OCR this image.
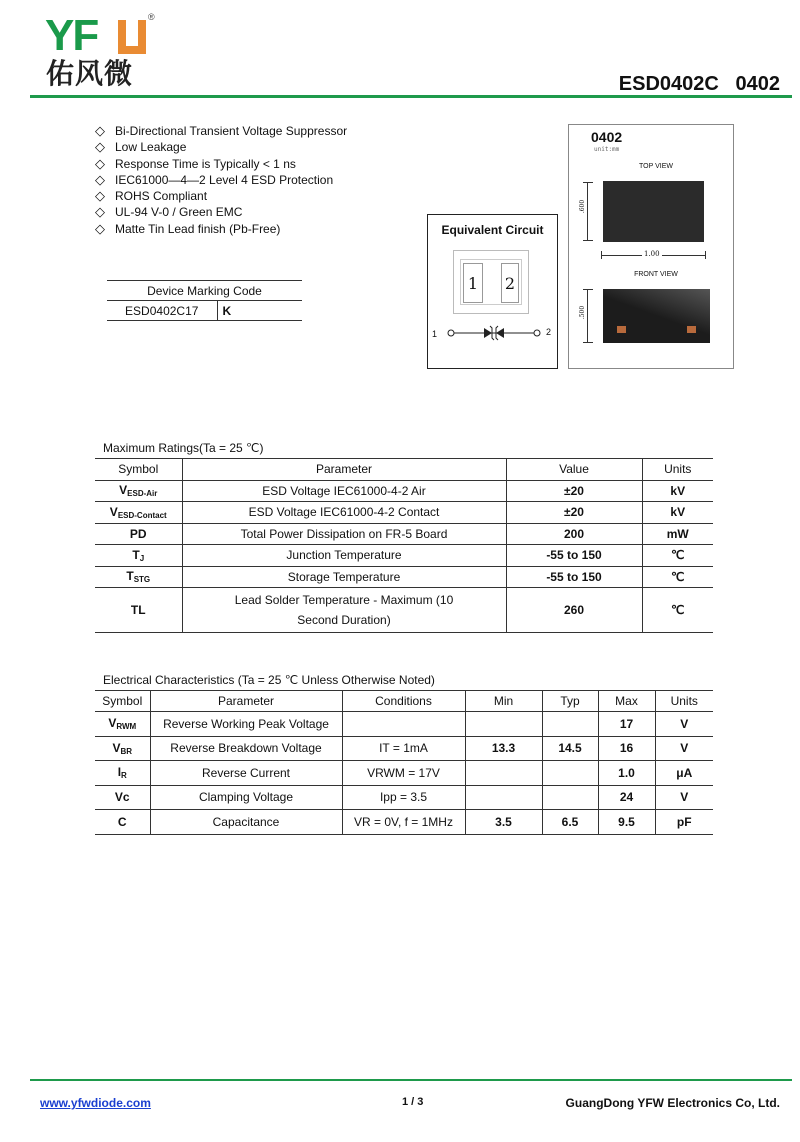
YF	®
佑风微	ESD0402C   0402
◇ Bi-Directional Transient Voltage Suppressor
◇ Low Leakage
◇ Response Time is Typically < 1 ns
◇ IEC61000—4—2 Level 4 ESD Protection
◇ ROHS Compliant
◇ UL-94 V-0 / Green EMC
◇ Matte Tin Lead finish (Pb-Free)
Device Marking Code
ESD0402C17	K
Equivalent Circuit
1	2
1	2
0402
unit:mm
TOP VIEW
.600
1.00
FRONT VIEW
.500
Maximum Ratings(Ta = 25 ℃)
Symbol	Parameter	Value	Units
$V_{ESD-Air}$	ESD Voltage IEC61000-4-2 Air	±20	kV
$V_{ESD-Contact}$	ESD Voltage IEC61000-4-2 Contact	±20	kV
PD	Total Power Dissipation on FR-5 Board	200	mW
$T_J$	Junction Temperature	-55 to 150	℃
$T_{STG}$	Storage Temperature	-55 to 150	℃
TL	Lead Solder Temperature - Maximum (10 Second Duration)	260	℃
Electrical Characteristics (Ta = 25 ℃ Unless Otherwise Noted)
Symbol	Parameter	Conditions	Min	Typ	Max	Units
$V_{RWM}$	Reverse Working Peak Voltage				17	V
$V_{BR}$	Reverse Breakdown Voltage	IT = 1mA	13.3	14.5	16	V
$I_R$	Reverse Current	VRWM = 17V			1.0	μA
Vc	Clamping Voltage	Ipp = 3.5			24	V
C	Capacitance	VR = 0V, f = 1MHz	3.5	6.5	9.5	pF
www.yfwdiode.com	1 / 3	GuangDong YFW Electronics Co, Ltd.
